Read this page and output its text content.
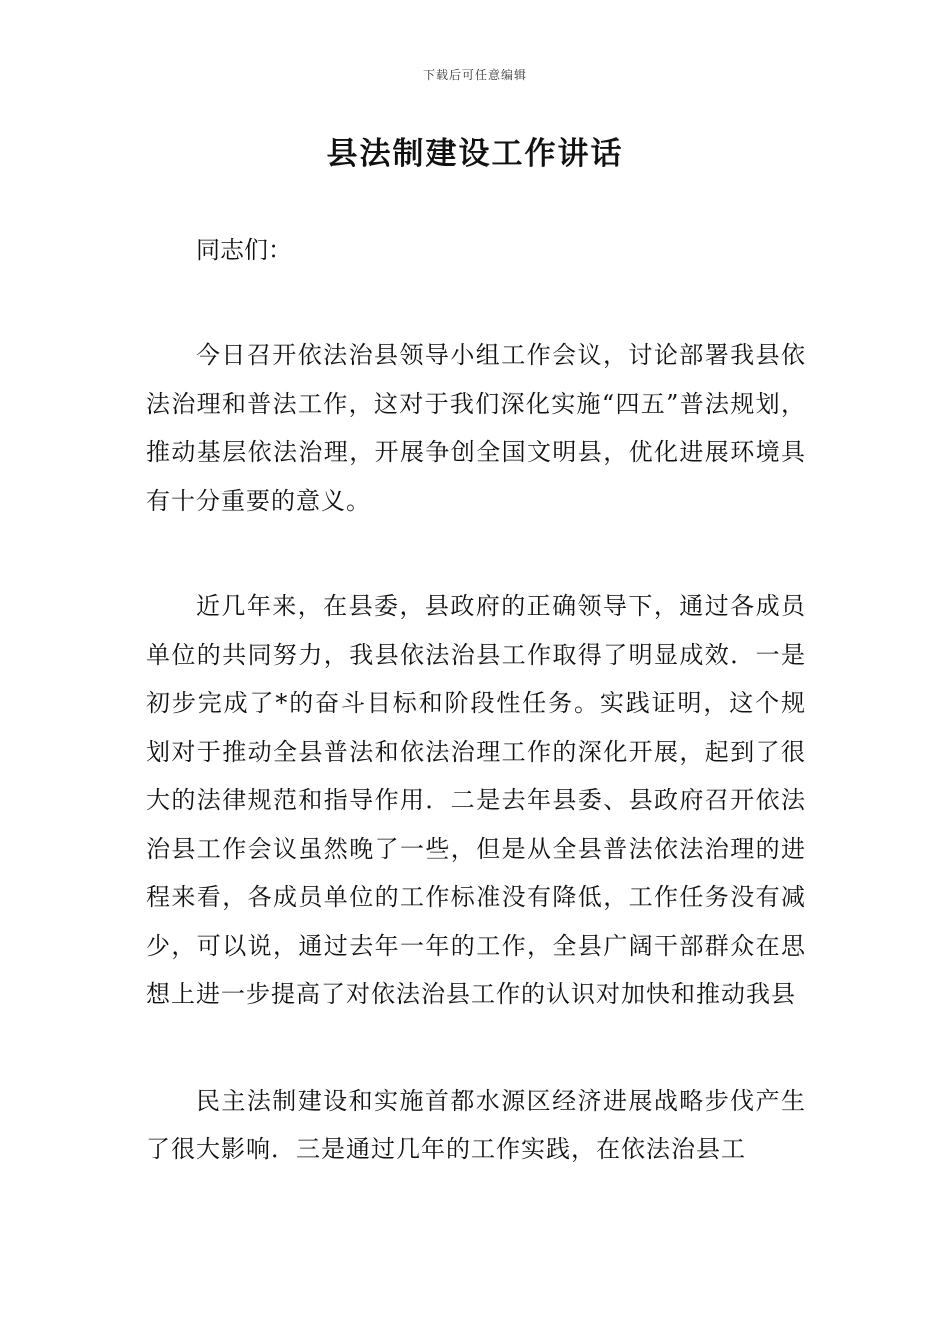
下载后可任意编辑
县法制建设工作讲话

同志们：

今日召开依法治县领导小组工作会议，讨论部署我县依法治理和普法工作，这对于我们深化实施“四五”普法规划，推动基层依法治理，开展争创全国文明县，优化进展环境具有十分重要的意义。

近几年来，在县委，县政府的正确领导下，通过各成员单位的共同努力，我县依法治县工作取得了明显成效．一是初步完成了*的奋斗目标和阶段性任务。实践证明，这个规划对于推动全县普法和依法治理工作的深化开展，起到了很大的法律规范和指导作用．二是去年县委、县政府召开依法治县工作会议虽然晚了一些，但是从全县普法依法治理的进程来看，各成员单位的工作标准没有降低，工作任务没有减少，可以说，通过去年一年的工作，全县广阔干部群众在思想上进一步提高了对依法治县工作的认识对加快和推动我县

民主法制建设和实施首都水源区经济进展战略步伐产生了很大影响．三是通过几年的工作实践，在依法治县工
